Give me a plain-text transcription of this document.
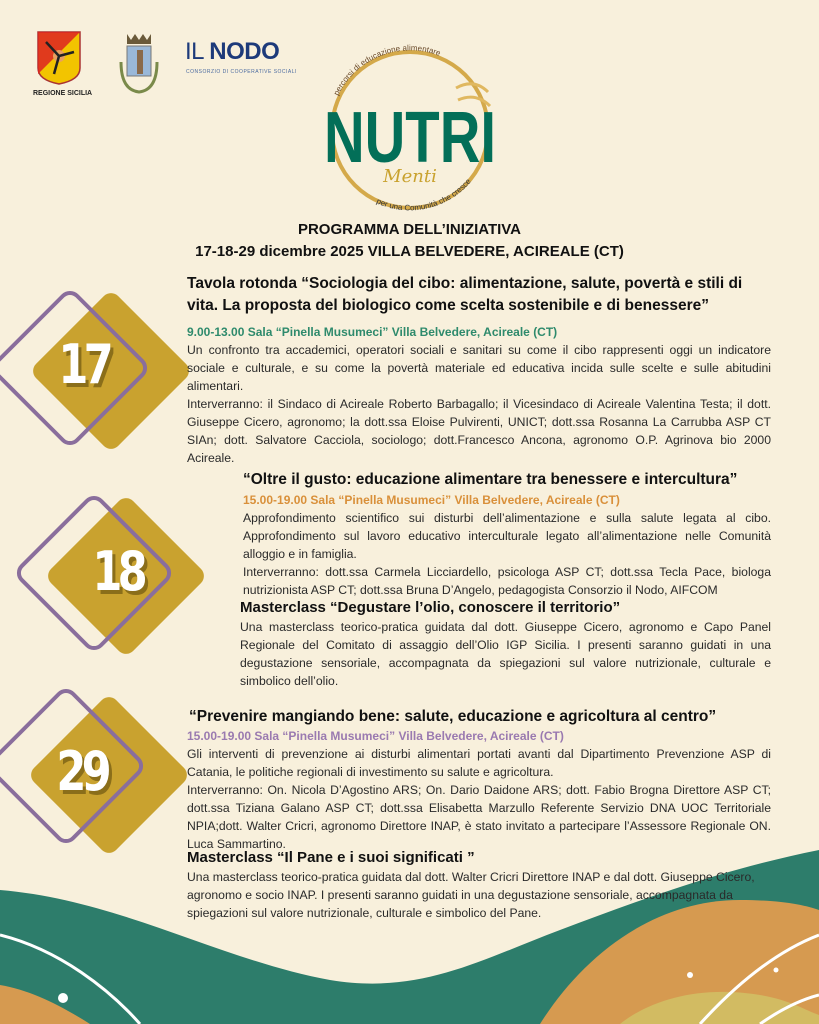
REGIONE SICILIA
IL NODO
CONSORZIO DI COOPERATIVE SOCIALI
NUTRI
percorsi di educazione alimentare
per una Comunità che cresce
Menti
PROGRAMMA DELL’INIZIATIVA
17-18-29 dicembre 2025 VILLA BELVEDERE, ACIREALE (CT)
17
18
29
Tavola rotonda “Sociologia del cibo: alimentazione, salute, povertà e stili di vita. La proposta del biologico come scelta sostenibile e di benessere”
9.00-13.00 Sala “Pinella Musumeci” Villa Belvedere, Acireale (CT)
Un confronto tra accademici, operatori sociali e sanitari su come il cibo rappresenti oggi un indicatore sociale e culturale, e su come la povertà materiale ed educativa incida sulle scelte e sulle abitudini alimentari.
Interverranno: il Sindaco di Acireale Roberto Barbagallo; il Vicesindaco di Acireale Valentina Testa; il dott. Giuseppe Cicero, agronomo; la dott.ssa Eloise Pulvirenti, UNICT; dott.ssa Rosanna La Carrubba ASP CT SIAn; dott. Salvatore Cacciola, sociologo; dott.Francesco Ancona, agronomo O.P. Agrinova bio 2000 Acireale.
“Oltre il gusto: educazione alimentare tra benessere e intercultura”
15.00-19.00 Sala “Pinella Musumeci” Villa Belvedere, Acireale (CT)
Approfondimento scientifico sui disturbi dell’alimentazione e sulla salute legata al cibo. Approfondimento sul lavoro educativo interculturale legato all’alimentazione nelle Comunità alloggio e in famiglia.
Interverranno: dott.ssa Carmela Licciardello, psicologa ASP CT; dott.ssa Tecla Pace, biologa nutrizionista ASP CT; dott.ssa Bruna D’Angelo, pedagogista Consorzio il Nodo, AIFCOM
Masterclass “Degustare l’olio, conoscere il territorio”
Una masterclass teorico-pratica guidata dal dott. Giuseppe Cicero, agronomo e Capo Panel Regionale del Comitato di assaggio dell’Olio IGP Sicilia. I presenti saranno guidati in una degustazione sensoriale, accompagnata da spiegazioni sul valore nutrizionale, culturale e simbolico dell’olio.
“Prevenire mangiando bene: salute, educazione e agricoltura al centro”
15.00-19.00 Sala “Pinella Musumeci” Villa Belvedere, Acireale (CT)
Gli interventi di prevenzione ai disturbi alimentari portati avanti dal Dipartimento Prevenzione ASP di Catania, le politiche regionali di investimento su salute e agricoltura.
Interverranno: On. Nicola D’Agostino ARS; On. Dario Daidone ARS; dott. Fabio Brogna Direttore ASP CT; dott.ssa Tiziana Galano ASP CT; dott.ssa Elisabetta Marzullo Referente Servizio DNA UOC Territoriale NPIA;dott. Walter Cricri, agronomo Direttore INAP, è stato invitato a partecipare l’Assessore Regionale ON. Luca Sammartino.
Masterclass “Il Pane e i suoi significati ”
Una masterclass teorico-pratica guidata dal dott. Walter Cricri Direttore INAP e dal dott. Giuseppe Cicero, agronomo e socio INAP. I presenti saranno guidati in una degustazione sensoriale, accompagnata da spiegazioni sul valore nutrizionale, culturale e simbolico del Pane.
